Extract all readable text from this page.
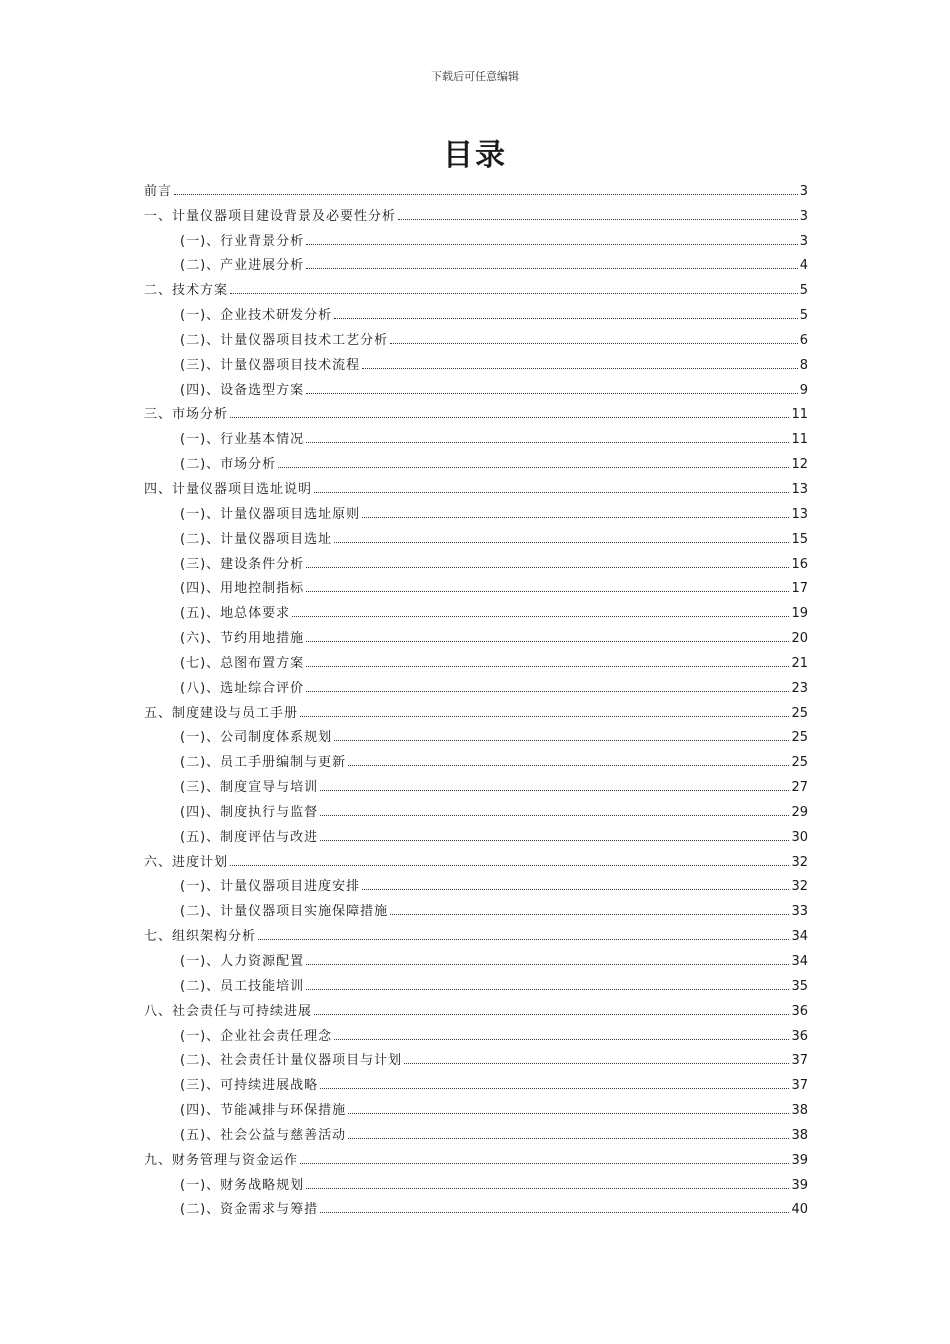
下载后可任意编辑
目录
前言	3
一、计量仪器项目建设背景及必要性分析	3
(一)、行业背景分析	3
(二)、产业进展分析	4
二、技术方案	5
(一)、企业技术研发分析	5
(二)、计量仪器项目技术工艺分析	6
(三)、计量仪器项目技术流程	8
(四)、设备选型方案	9
三、市场分析	11
(一)、行业基本情况	11
(二)、市场分析	12
四、计量仪器项目选址说明	13
(一)、计量仪器项目选址原则	13
(二)、计量仪器项目选址	15
(三)、建设条件分析	16
(四)、用地控制指标	17
(五)、地总体要求	19
(六)、节约用地措施	20
(七)、总图布置方案	21
(八)、选址综合评价	23
五、制度建设与员工手册	25
(一)、公司制度体系规划	25
(二)、员工手册编制与更新	25
(三)、制度宣导与培训	27
(四)、制度执行与监督	29
(五)、制度评估与改进	30
六、进度计划	32
(一)、计量仪器项目进度安排	32
(二)、计量仪器项目实施保障措施	33
七、组织架构分析	34
(一)、人力资源配置	34
(二)、员工技能培训	35
八、社会责任与可持续进展	36
(一)、企业社会责任理念	36
(二)、社会责任计量仪器项目与计划	37
(三)、可持续进展战略	37
(四)、节能减排与环保措施	38
(五)、社会公益与慈善活动	38
九、财务管理与资金运作	39
(一)、财务战略规划	39
(二)、资金需求与筹措	40
